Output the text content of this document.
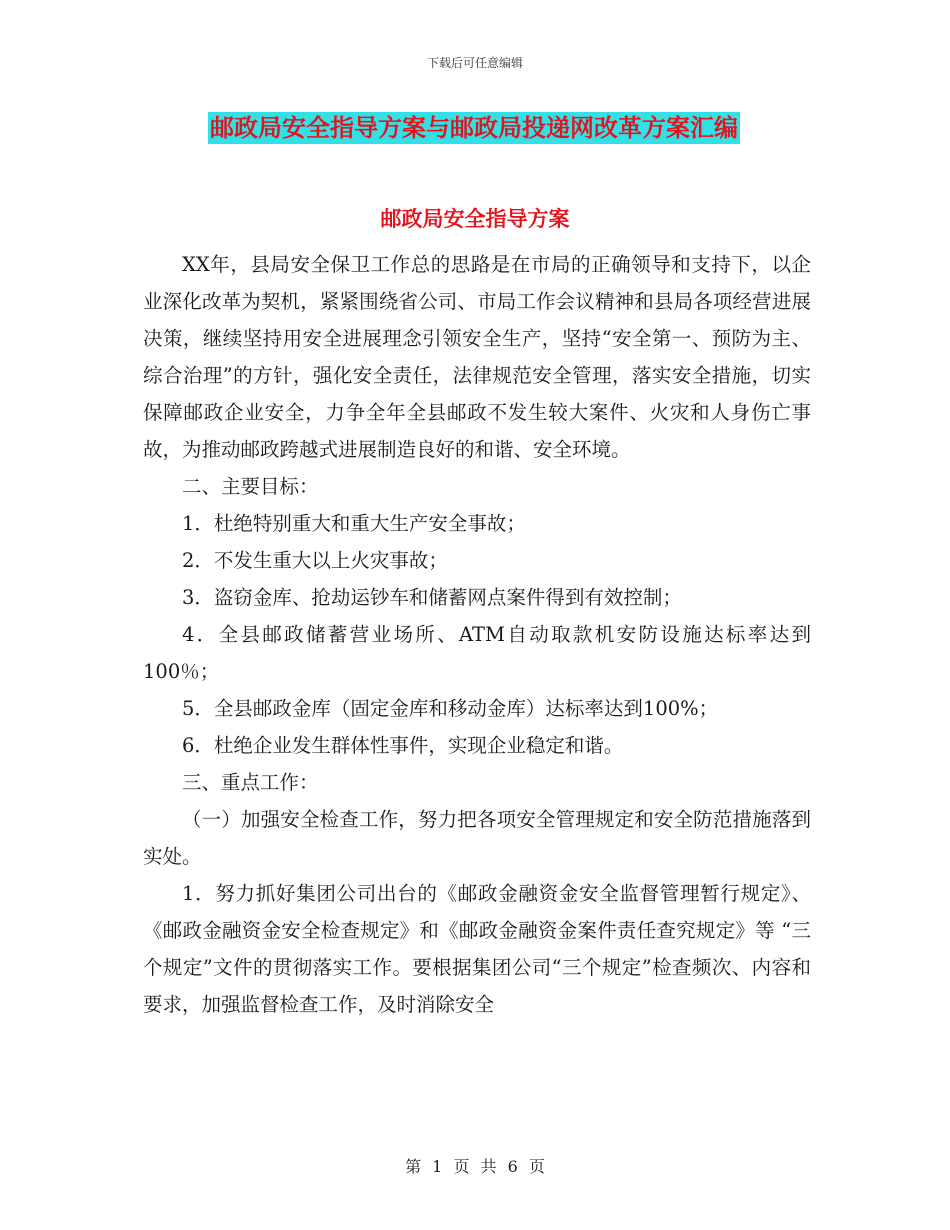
下载后可任意编辑
邮政局安全指导方案与邮政局投递网改革方案汇编
邮政局安全指导方案

XX年，县局安全保卫工作总的思路是在市局的正确领导和支持下，以企业深化改革为契机，紧紧围绕省公司、市局工作会议精神和县局各项经营进展决策，继续坚持用安全进展理念引领安全生产，坚持“安全第一、预防为主、综合治理”的方针，强化安全责任，法律规范安全管理，落实安全措施，切实保障邮政企业安全，力争全年全县邮政不发生较大案件、火灾和人身伤亡事故，为推动邮政跨越式进展制造良好的和谐、安全环境。

二、主要目标：

1．杜绝特别重大和重大生产安全事故；

2．不发生重大以上火灾事故；

3．盗窃金库、抢劫运钞车和储蓄网点案件得到有效控制；

4．全县邮政储蓄营业场所、ATM自动取款机安防设施达标率达到100％；

5．全县邮政金库（固定金库和移动金库）达标率达到100%；

6．杜绝企业发生群体性事件，实现企业稳定和谐。

三、重点工作：

（一）加强安全检查工作，努力把各项安全管理规定和安全防范措施落到实处。

1．努力抓好集团公司出台的《邮政金融资金安全监督管理暂行规定》、《邮政金融资金安全检查规定》和《邮政金融资金案件责任查究规定》等 “三个规定”文件的贯彻落实工作。要根据集团公司“三个规定”检查频次、内容和要求，加强监督检查工作，及时消除安全

第 1 页 共 6 页
